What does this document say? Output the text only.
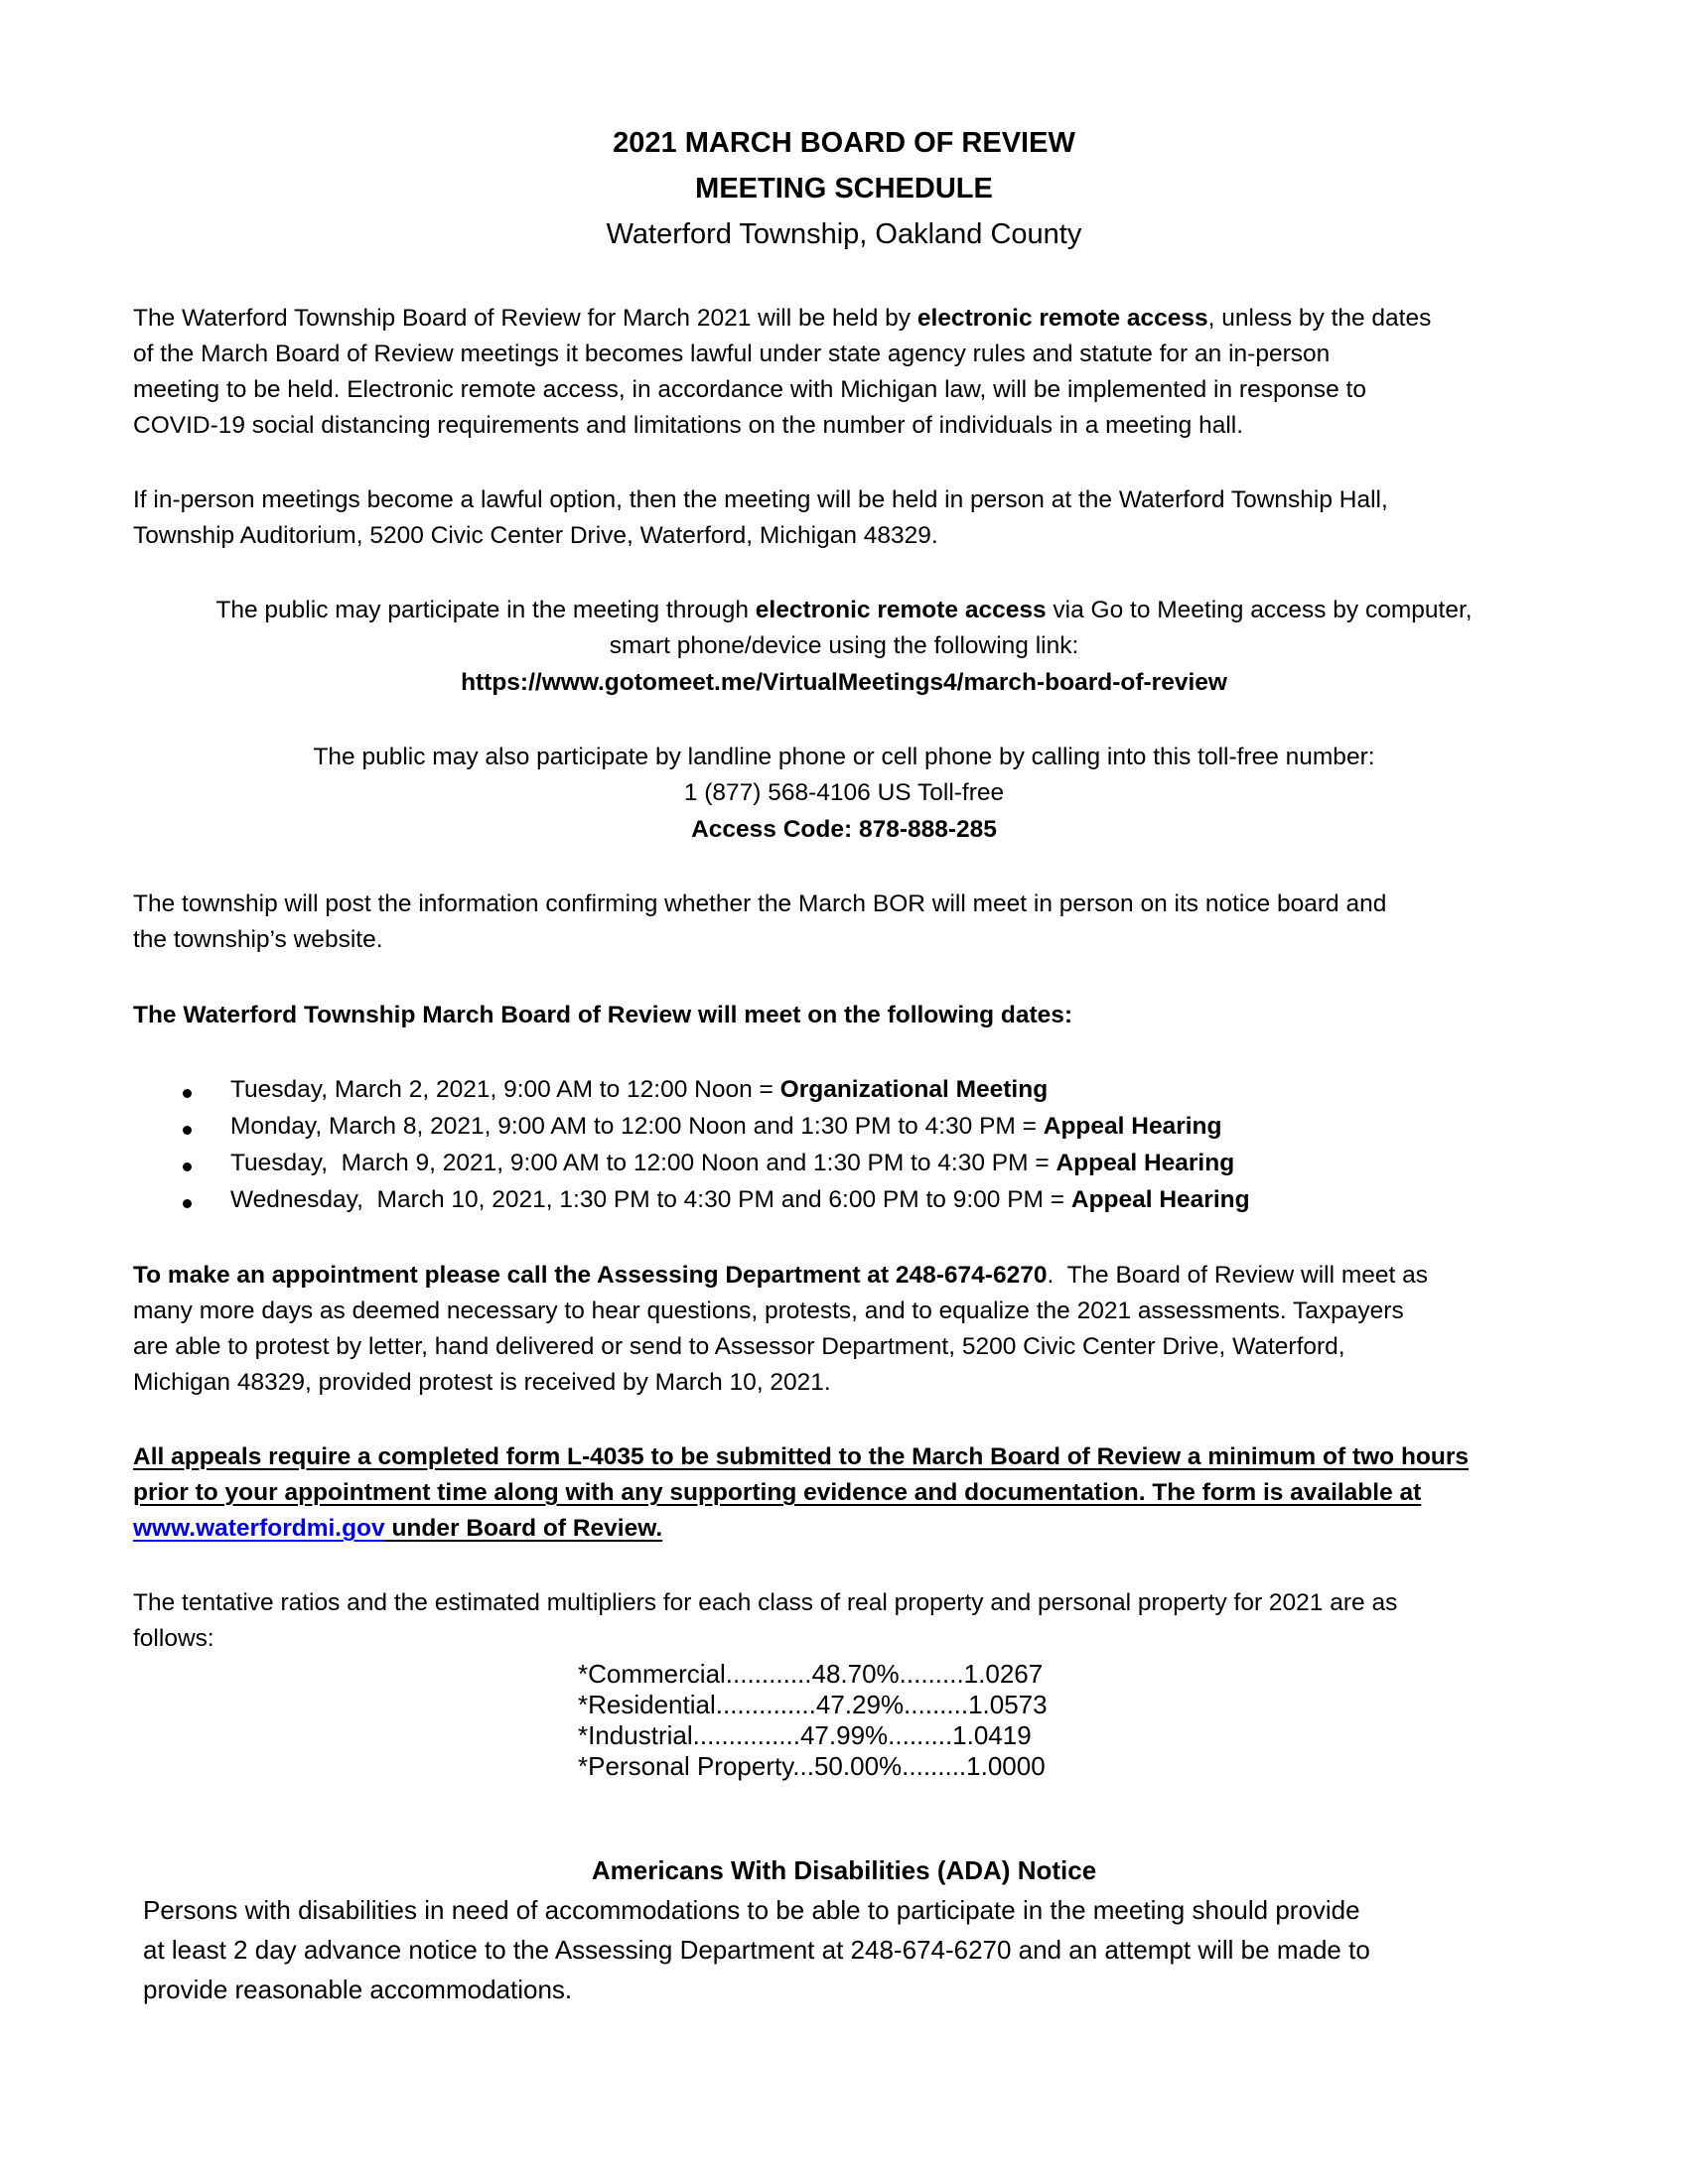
2021 MARCH BOARD OF REVIEW
MEETING SCHEDULE
Waterford Township, Oakland County
The Waterford Township Board of Review for March 2021 will be held by electronic remote access, unless by the dates
of the March Board of Review meetings it becomes lawful under state agency rules and statute for an in-person
meeting to be held. Electronic remote access, in accordance with Michigan law, will be implemented in response to
COVID-19 social distancing requirements and limitations on the number of individuals in a meeting hall.
If in-person meetings become a lawful option, then the meeting will be held in person at the Waterford Township Hall,
Township Auditorium, 5200 Civic Center Drive, Waterford, Michigan 48329.
The public may participate in the meeting through electronic remote access via Go to Meeting access by computer,
smart phone/device using the following link:
https://www.gotomeet.me/VirtualMeetings4/march-board-of-review
The public may also participate by landline phone or cell phone by calling into this toll-free number:
1 (877) 568-4106 US Toll-free
Access Code: 878-888-285
The township will post the information confirming whether the March BOR will meet in person on its notice board and
the township’s website.
The Waterford Township March Board of Review will meet on the following dates:
Tuesday, March 2, 2021, 9:00 AM to 12:00 Noon = Organizational Meeting
Monday, March 8, 2021, 9:00 AM to 12:00 Noon and 1:30 PM to 4:30 PM = Appeal Hearing
Tuesday,  March 9, 2021, 9:00 AM to 12:00 Noon and 1:30 PM to 4:30 PM = Appeal Hearing
Wednesday,  March 10, 2021, 1:30 PM to 4:30 PM and 6:00 PM to 9:00 PM = Appeal Hearing
To make an appointment please call the Assessing Department at 248-674-6270.  The Board of Review will meet as
many more days as deemed necessary to hear questions, protests, and to equalize the 2021 assessments. Taxpayers
are able to protest by letter, hand delivered or send to Assessor Department, 5200 Civic Center Drive, Waterford,
Michigan 48329, provided protest is received by March 10, 2021.
All appeals require a completed form L-4035 to be submitted to the March Board of Review a minimum of two hours
prior to your appointment time along with any supporting evidence and documentation. The form is available at
www.waterfordmi.gov under Board of Review.
The tentative ratios and the estimated multipliers for each class of real property and personal property for 2021 are as
follows:
*Commercial............48.70%.........1.0267
*Residential..............47.29%.........1.0573
*Industrial...............47.99%.........1.0419
*Personal Property...50.00%.........1.0000
Americans With Disabilities (ADA) Notice
Persons with disabilities in need of accommodations to be able to participate in the meeting should provide
at least 2 day advance notice to the Assessing Department at 248-674-6270 and an attempt will be made to
provide reasonable accommodations.
